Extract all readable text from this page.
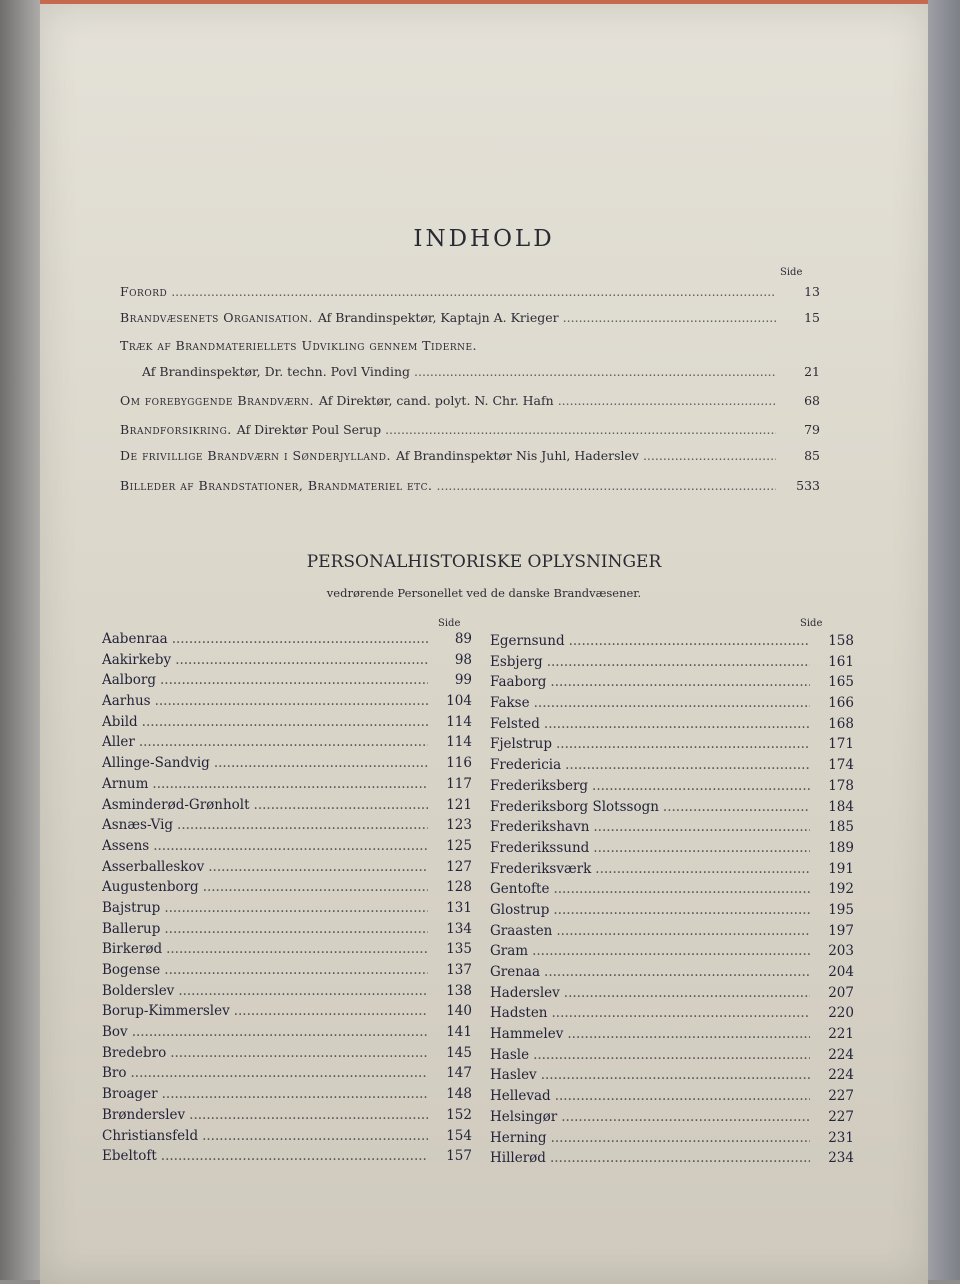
INDHOLD
Side
Forord .....	13
Brandvæsenets Organisation. Af Brandinspektør, Kaptajn A. Krieger .....	15
Træk af Brandmateriellets Udvikling gennem Tiderne.
Af Brandinspektør, Dr. techn. Povl Vinding .....	21
Om forebyggende Brandværn. Af Direktør, cand. polyt. N. Chr. Hafn .....	68
Brandforsikring. Af Direktør Poul Serup .....	79
De frivillige Brandværn i Sønderjylland. Af Brandinspektør Nis Juhl, Haderslev .....	85
Billeder af Brandstationer, Brandmateriel etc. .....	533
PERSONALHISTORISKE OPLYSNINGER
vedrørende Personellet ved de danske Brandvæsener.
Side	Side
Aabenraa .....	89
Aakirkeby .....	98
Aalborg .....	99
Aarhus .....	104
Abild .....	114
Aller .....	114
Allinge-Sandvig .....	116
Arnum .....	117
Asminderød-Grønholt .....	121
Asnæs-Vig .....	123
Assens .....	125
Asserballeskov .....	127
Augustenborg .....	128
Bajstrup .....	131
Ballerup .....	134
Birkerød .....	135
Bogense .....	137
Bolderslev .....	138
Borup-Kimmerslev .....	140
Bov .....	141
Bredebro .....	145
Bro .....	147
Broager .....	148
Brønderslev .....	152
Christiansfeld .....	154
Ebeltoft .....	157
Egernsund .....	158
Esbjerg .....	161
Faaborg .....	165
Fakse .....	166
Felsted .....	168
Fjelstrup .....	171
Fredericia .....	174
Frederiksberg .....	178
Frederiksborg Slotssogn .....	184
Frederikshavn .....	185
Frederikssund .....	189
Frederiksværk .....	191
Gentofte .....	192
Glostrup .....	195
Graasten .....	197
Gram .....	203
Grenaa .....	204
Haderslev .....	207
Hadsten .....	220
Hammelev .....	221
Hasle .....	224
Haslev .....	224
Hellevad .....	227
Helsingør .....	227
Herning .....	231
Hillerød .....	234
